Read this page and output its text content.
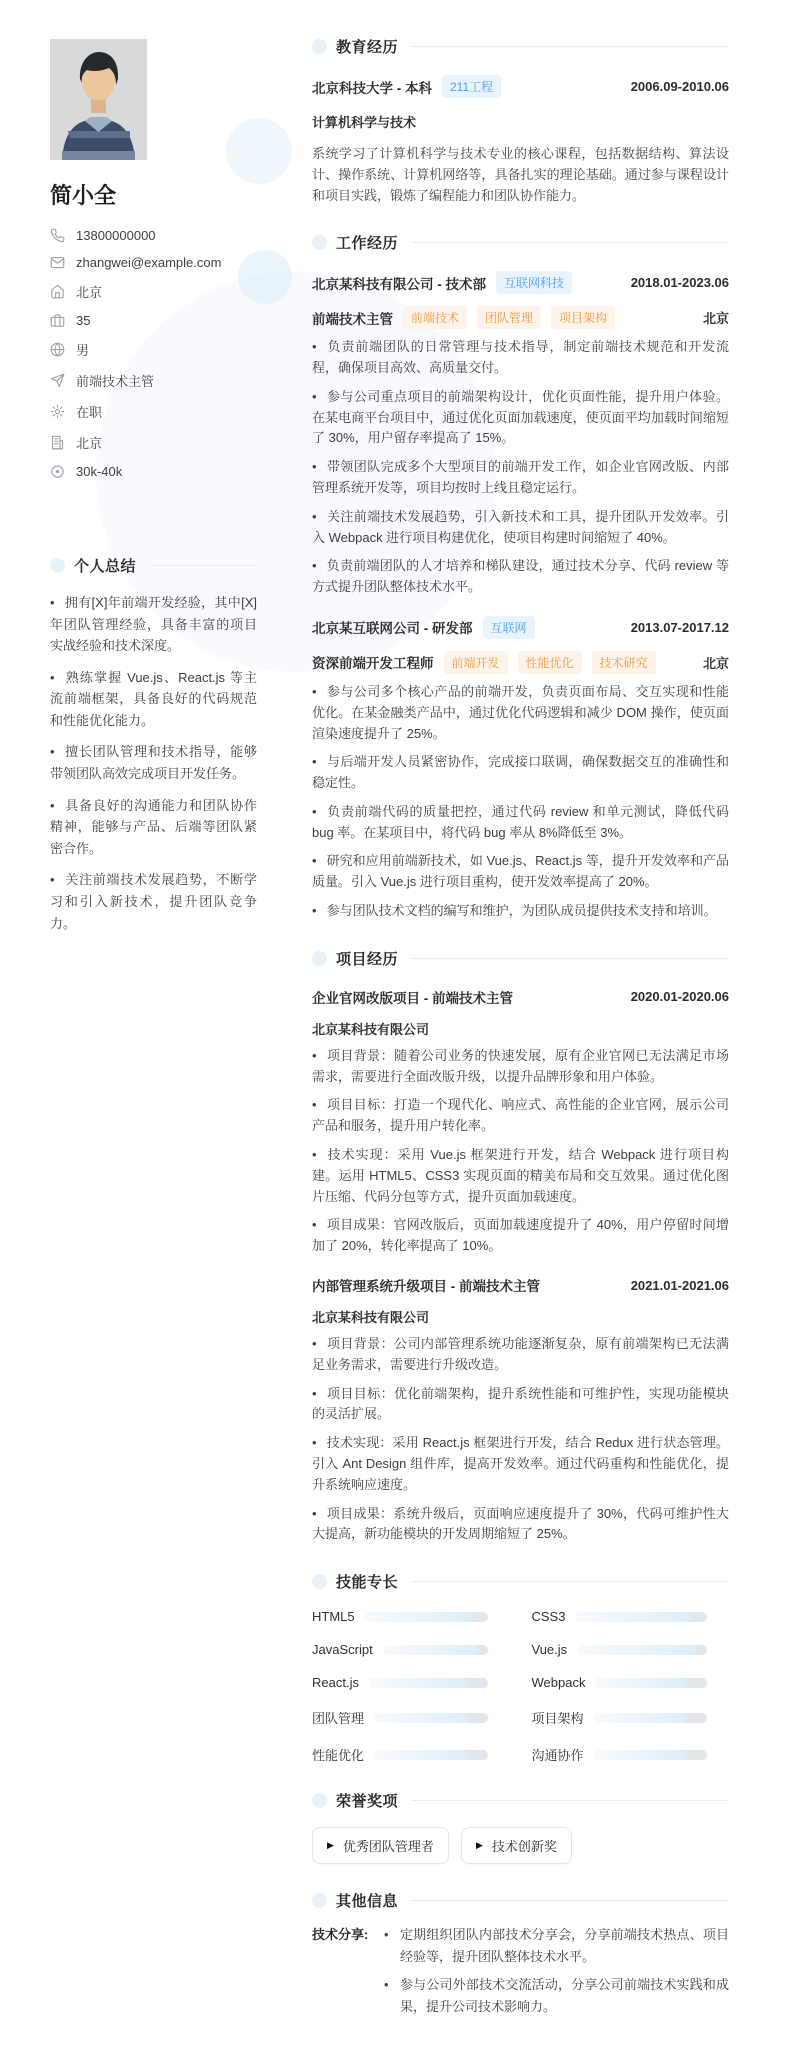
简小全
13800000000
zhangwei@example.com
北京
35
男
前端技术主管
在职
北京
30k-40k
个人总结

• 拥有[X]年前端开发经验，其中[X]年团队管理经验，具备丰富的项目实战经验和技术深度。

• 熟练掌握 Vue.js、React.js 等主流前端框架，具备良好的代码规范和性能优化能力。

• 擅长团队管理和技术指导，能够带领团队高效完成项目开发任务。

• 具备良好的沟通能力和团队协作精神，能够与产品、后端等团队紧密合作。

• 关注前端技术发展趋势，不断学习和引入新技术，提升团队竞争力。

教育经历
北京科技大学 - 本科	211工程	2006.09-2010.06
计算机科学与技术

系统学习了计算机科学与技术专业的核心课程，包括数据结构、算法设计、操作系统、计算机网络等，具备扎实的理论基础。通过参与课程设计和项目实践，锻炼了编程能力和团队协作能力。

工作经历
北京某科技有限公司 - 技术部	互联网科技	2018.01-2023.06
前端技术主管	前端技术	团队管理	项目架构	北京

• 负责前端团队的日常管理与技术指导，制定前端技术规范和开发流程，确保项目高效、高质量交付。

• 参与公司重点项目的前端架构设计，优化页面性能，提升用户体验。在某电商平台项目中，通过优化页面加载速度，使页面平均加载时间缩短了 30%，用户留存率提高了 15%。

• 带领团队完成多个大型项目的前端开发工作，如企业官网改版、内部管理系统开发等，项目均按时上线且稳定运行。

• 关注前端技术发展趋势，引入新技术和工具，提升团队开发效率。引入 Webpack 进行项目构建优化，使项目构建时间缩短了 40%。

• 负责前端团队的人才培养和梯队建设，通过技术分享、代码 review 等方式提升团队整体技术水平。

北京某互联网公司 - 研发部	互联网	2013.07-2017.12
资深前端开发工程师	前端开发	性能优化	技术研究	北京

• 参与公司多个核心产品的前端开发，负责页面布局、交互实现和性能优化。在某金融类产品中，通过优化代码逻辑和减少 DOM 操作，使页面渲染速度提升了 25%。

• 与后端开发人员紧密协作，完成接口联调，确保数据交互的准确性和稳定性。

• 负责前端代码的质量把控，通过代码 review 和单元测试，降低代码 bug 率。在某项目中，将代码 bug 率从 8%降低至 3%。

• 研究和应用前端新技术，如 Vue.js、React.js 等，提升开发效率和产品质量。引入 Vue.js 进行项目重构，使开发效率提高了 20%。

• 参与团队技术文档的编写和维护，为团队成员提供技术支持和培训。

项目经历
企业官网改版项目 - 前端技术主管	2020.01-2020.06
北京某科技有限公司

• 项目背景：随着公司业务的快速发展，原有企业官网已无法满足市场需求，需要进行全面改版升级，以提升品牌形象和用户体验。

• 项目目标：打造一个现代化、响应式、高性能的企业官网，展示公司产品和服务，提升用户转化率。

• 技术实现：采用 Vue.js 框架进行开发，结合 Webpack 进行项目构建。运用 HTML5、CSS3 实现页面的精美布局和交互效果。通过优化图片压缩、代码分包等方式，提升页面加载速度。

• 项目成果：官网改版后，页面加载速度提升了 40%，用户停留时间增加了 20%，转化率提高了 10%。

内部管理系统升级项目 - 前端技术主管	2021.01-2021.06
北京某科技有限公司

• 项目背景：公司内部管理系统功能逐渐复杂，原有前端架构已无法满足业务需求，需要进行升级改造。

• 项目目标：优化前端架构，提升系统性能和可维护性，实现功能模块的灵活扩展。

• 技术实现：采用 React.js 框架进行开发，结合 Redux 进行状态管理。引入 Ant Design 组件库，提高开发效率。通过代码重构和性能优化，提升系统响应速度。

• 项目成果：系统升级后，页面响应速度提升了 30%，代码可维护性大大提高，新功能模块的开发周期缩短了 25%。

技能专长
HTML5	CSS3
JavaScript	Vue.js
React.js	Webpack
团队管理	项目架构
性能优化	沟通协作
荣誉奖项
▶
优秀团队管理者 ▶	技术创新奖
其他信息
技术分享:	• 定期组织团队内部技术分享会，分享前端技术热点、项目经验等，提升团队整体技术水平。

• 参与公司外部技术交流活动，分享公司前端技术实践和成果，提升公司技术影响力。
